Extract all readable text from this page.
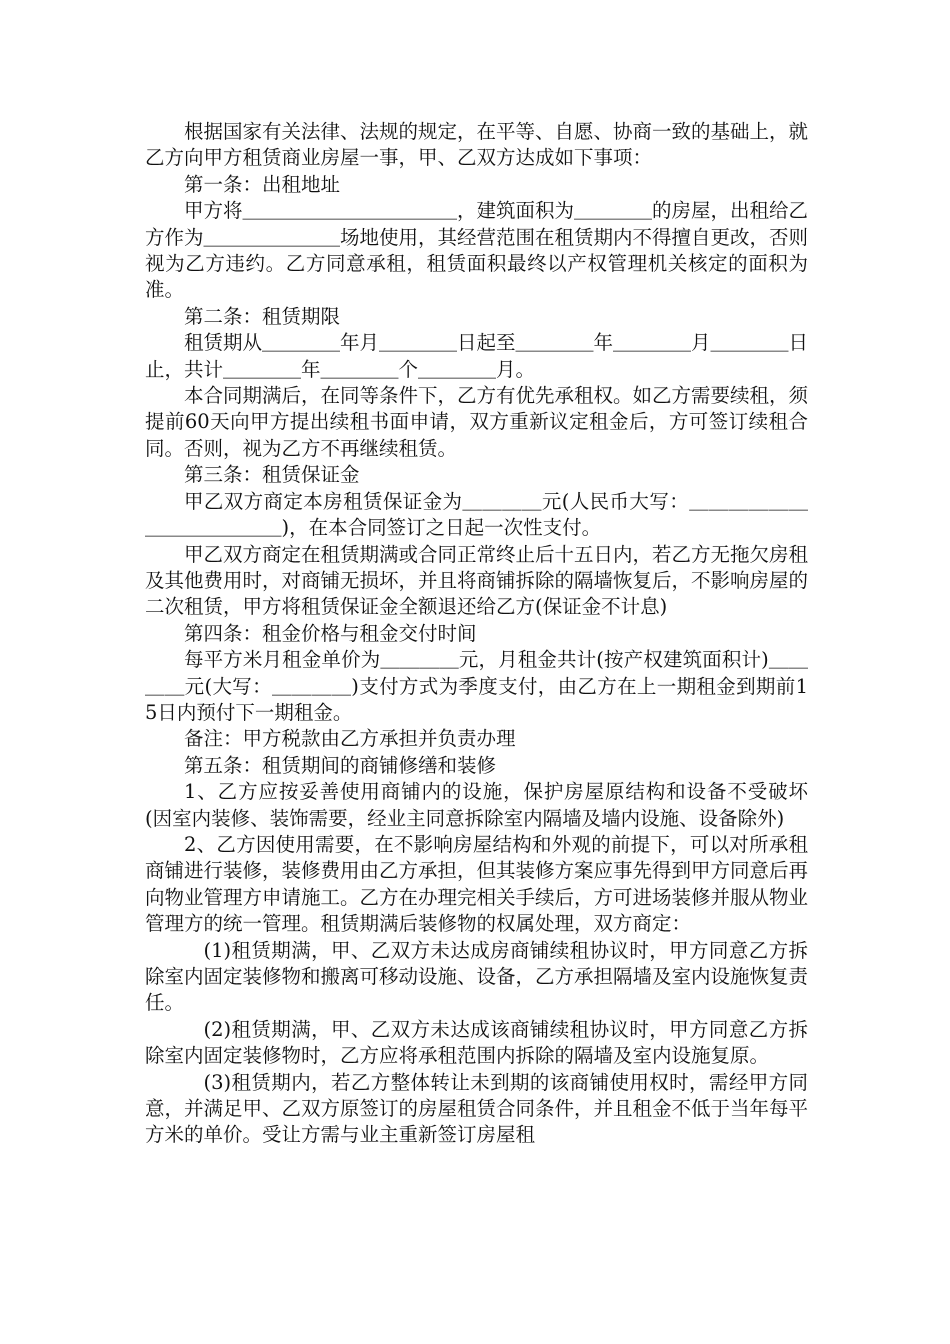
根据国家有关法律、法规的规定，在平等、自愿、协商一致的基础上，就乙方向甲方租赁商业房屋一事，甲、乙双方达成如下事项：

第一条：出租地址

甲方将＿＿＿＿＿＿＿＿＿＿＿，建筑面积为＿＿＿＿的房屋，出租给乙方作为＿＿＿＿＿＿＿场地使用，其经营范围在租赁期内不得擅自更改，否则视为乙方违约。乙方同意承租，租赁面积最终以产权管理机关核定的面积为准。

第二条：租赁期限

租赁期从＿＿＿＿年月＿＿＿＿日起至＿＿＿＿年＿＿＿＿月＿＿＿＿日止，共计＿＿＿＿年＿＿＿＿个＿＿＿＿月。

本合同期满后，在同等条件下，乙方有优先承租权。如乙方需要续租，须提前60天向甲方提出续租书面申请，双方重新议定租金后，方可签订续租合同。否则，视为乙方不再继续租赁。

第三条：租赁保证金

甲乙双方商定本房租赁保证金为＿＿＿＿元(人民币大写：＿＿＿＿＿＿＿＿＿＿＿＿＿)，在本合同签订之日起一次性支付。

甲乙双方商定在租赁期满或合同正常终止后十五日内，若乙方无拖欠房租及其他费用时，对商铺无损坏，并且将商铺拆除的隔墙恢复后，不影响房屋的二次租赁，甲方将租赁保证金全额退还给乙方(保证金不计息)

第四条：租金价格与租金交付时间

每平方米月租金单价为＿＿＿＿元，月租金共计(按产权建筑面积计)＿＿＿＿元(大写：＿＿＿＿)支付方式为季度支付，由乙方在上一期租金到期前15日内预付下一期租金。

备注：甲方税款由乙方承担并负责办理

第五条：租赁期间的商铺修缮和装修

1、乙方应按妥善使用商铺内的设施，保护房屋原结构和设备不受破坏(因室内装修、装饰需要，经业主同意拆除室内隔墙及墙内设施、设备除外)

2、乙方因使用需要，在不影响房屋结构和外观的前提下，可以对所承租商铺进行装修，装修费用由乙方承担，但其装修方案应事先得到甲方同意后再向物业管理方申请施工。乙方在办理完相关手续后，方可进场装修并服从物业管理方的统一管理。租赁期满后装修物的权属处理，双方商定：

(1)租赁期满，甲、乙双方未达成房商铺续租协议时，甲方同意乙方拆除室内固定装修物和搬离可移动设施、设备，乙方承担隔墙及室内设施恢复责任。

(2)租赁期满，甲、乙双方未达成该商铺续租协议时，甲方同意乙方拆除室内固定装修物时，乙方应将承租范围内拆除的隔墙及室内设施复原。

(3)租赁期内，若乙方整体转让未到期的该商铺使用权时，需经甲方同意，并满足甲、乙双方原签订的房屋租赁合同条件，并且租金不低于当年每平方米的单价。受让方需与业主重新签订房屋租
